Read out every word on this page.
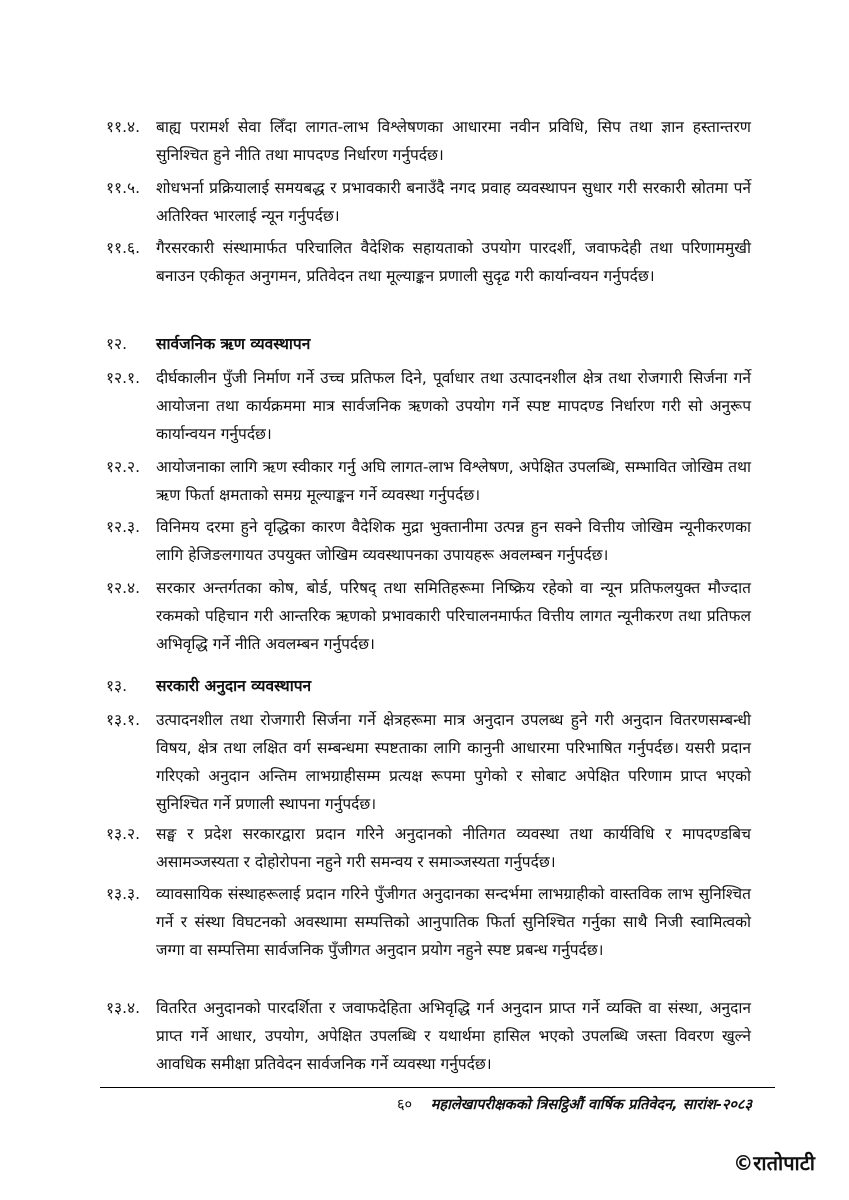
११.४.	बाह्य परामर्श सेवा लिँदा लागत-लाभ विश्लेषणका आधारमा नवीन प्रविधि, सिप तथा ज्ञान हस्तान्तरण सुनिश्चित हुने नीति तथा मापदण्ड निर्धारण गर्नुपर्दछ।
११.५.	शोधभर्ना प्रक्रियालाई समयबद्ध र प्रभावकारी बनाउँदै नगद प्रवाह व्यवस्थापन सुधार गरी सरकारी स्रोतमा पर्ने अतिरिक्त भारलाई न्यून गर्नुपर्दछ।
११.६.	गैरसरकारी संस्थामार्फत परिचालित वैदेशिक सहायताको उपयोग पारदर्शी, जवाफदेही तथा परिणाममुखी बनाउन एकीकृत अनुगमन, प्रतिवेदन तथा मूल्याङ्कन प्रणाली सुदृढ गरी कार्यान्वयन गर्नुपर्दछ।
१२.	सार्वजनिक ऋण व्यवस्थापन
१२.१.	दीर्घकालीन पुँजी निर्माण गर्ने उच्च प्रतिफल दिने, पूर्वाधार तथा उत्पादनशील क्षेत्र तथा रोजगारी सिर्जना गर्ने आयोजना तथा कार्यक्रममा मात्र सार्वजनिक ऋणको उपयोग गर्ने स्पष्ट मापदण्ड निर्धारण गरी सो अनुरूप कार्यान्वयन गर्नुपर्दछ।
१२.२.	आयोजनाका लागि ऋण स्वीकार गर्नु अघि लागत-लाभ विश्लेषण, अपेक्षित उपलब्धि, सम्भावित जोखिम तथा ऋण फिर्ता क्षमताको समग्र मूल्याङ्कन गर्ने व्यवस्था गर्नुपर्दछ।
१२.३.	विनिमय दरमा हुने वृद्धिका कारण वैदेशिक मुद्रा भुक्तानीमा उत्पन्न हुन सक्ने वित्तीय जोखिम न्यूनीकरणका लागि हेजिङलगायत उपयुक्त जोखिम व्यवस्थापनका उपायहरू अवलम्बन गर्नुपर्दछ।
१२.४.	सरकार अन्तर्गतका कोष, बोर्ड, परिषद् तथा समितिहरूमा निष्क्रिय रहेको वा न्यून प्रतिफलयुक्त मौज्दात रकमको पहिचान गरी आन्तरिक ऋणको प्रभावकारी परिचालनमार्फत वित्तीय लागत न्यूनीकरण तथा प्रतिफल अभिवृद्धि गर्ने नीति अवलम्बन गर्नुपर्दछ।
१३.	सरकारी अनुदान व्यवस्थापन
१३.१.	उत्पादनशील तथा रोजगारी सिर्जना गर्ने क्षेत्रहरूमा मात्र अनुदान उपलब्ध हुने गरी अनुदान वितरणसम्बन्धी विषय, क्षेत्र तथा लक्षित वर्ग सम्बन्धमा स्पष्टताका लागि कानुनी आधारमा परिभाषित गर्नुपर्दछ। यसरी प्रदान गरिएको अनुदान अन्तिम लाभग्राहीसम्म प्रत्यक्ष रूपमा पुगेको र सोबाट अपेक्षित परिणाम प्राप्त भएको सुनिश्चित गर्ने प्रणाली स्थापना गर्नुपर्दछ।
१३.२.	सङ्घ र प्रदेश सरकारद्वारा प्रदान गरिने अनुदानको नीतिगत व्यवस्था तथा कार्यविधि र मापदण्डबिच असामञ्जस्यता र दोहोरोपना नहुने गरी समन्वय र समाञ्जस्यता गर्नुपर्दछ।
१३.३.	व्यावसायिक संस्थाहरूलाई प्रदान गरिने पुँजीगत अनुदानका सन्दर्भमा लाभग्राहीको वास्तविक लाभ सुनिश्चित गर्ने र संस्था विघटनको अवस्थामा सम्पत्तिको आनुपातिक फिर्ता सुनिश्चित गर्नुका साथै निजी स्वामित्वको जग्गा वा सम्पत्तिमा सार्वजनिक पुँजीगत अनुदान प्रयोग नहुने स्पष्ट प्रबन्ध गर्नुपर्दछ।
१३.४.	वितरित अनुदानको पारदर्शिता र जवाफदेहिता अभिवृद्धि गर्न अनुदान प्राप्त गर्ने व्यक्ति वा संस्था, अनुदान प्राप्त गर्ने आधार, उपयोग, अपेक्षित उपलब्धि र यथार्थमा हासिल भएको उपलब्धि जस्ता विवरण खुल्ने आवधिक समीक्षा प्रतिवेदन सार्वजनिक गर्ने व्यवस्था गर्नुपर्दछ।
६० महालेखापरीक्षकको त्रिसट्ठिऔं वार्षिक प्रतिवेदन, सारांश-२०८३
©रातोपाटी
